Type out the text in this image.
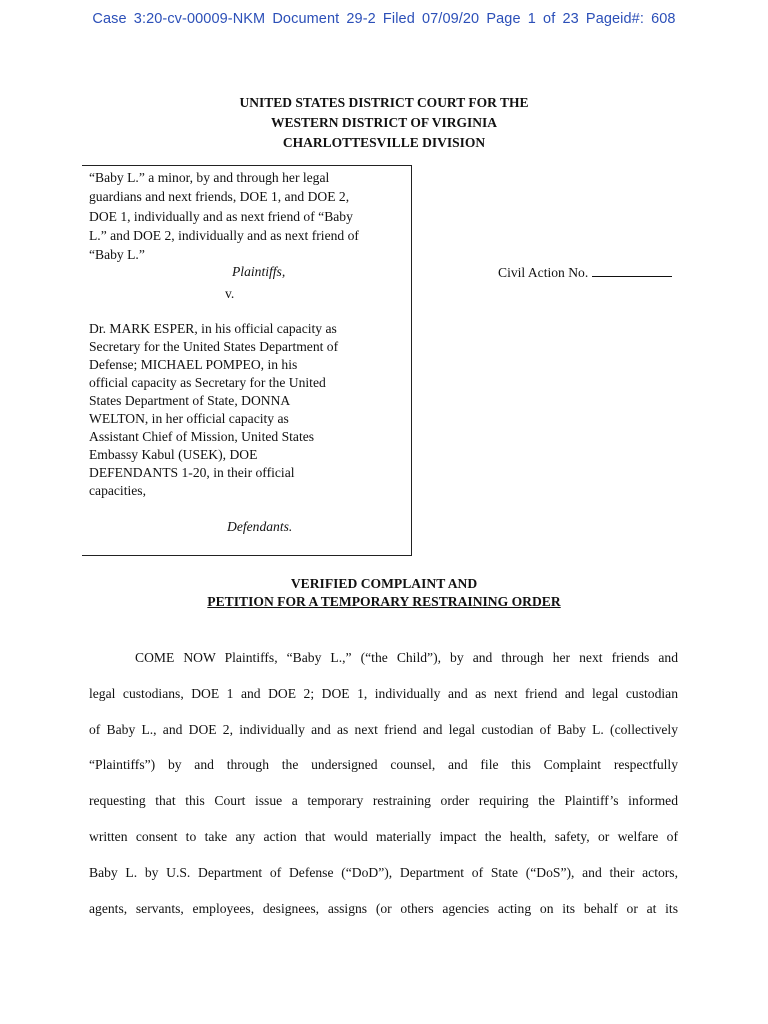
Case 3:20-cv-00009-NKM Document 29-2 Filed 07/09/20 Page 1 of 23 Pageid#: 608
UNITED STATES DISTRICT COURT FOR THE
WESTERN DISTRICT OF VIRGINIA
CHARLOTTESVILLE DIVISION
“Baby L.” a minor, by and through her legal
guardians and next friends, DOE 1, and DOE 2,
DOE 1, individually and as next friend of “Baby
L.” and DOE 2, individually and as next friend of
“Baby L.”
Plaintiffs,
v.
Dr. MARK ESPER, in his official capacity as
Secretary for the United States Department of
Defense; MICHAEL POMPEO, in his
official capacity as Secretary for the United
States Department of State, DONNA
WELTON, in her official capacity as
Assistant Chief of Mission, United States
Embassy Kabul (USEK), DOE
DEFENDANTS 1-20, in their official
capacities,
Defendants.
Civil Action No.
VERIFIED COMPLAINT AND
PETITION FOR A TEMPORARY RESTRAINING ORDER
COME NOW Plaintiffs, “Baby L.,” (“the Child”), by and through her next friends and
legal custodians, DOE 1 and DOE 2; DOE 1, individually and as next friend and legal custodian
of Baby L., and DOE 2, individually and as next friend and legal custodian of Baby L. (collectively
“Plaintiffs”) by and through the undersigned counsel, and file this Complaint respectfully
requesting that this Court issue a temporary restraining order requiring the Plaintiff’s informed
written consent to take any action that would materially impact the health, safety, or welfare of
Baby L. by U.S. Department of Defense (“DoD”), Department of State (“DoS”), and their actors,
agents, servants, employees, designees, assigns (or others agencies acting on its behalf or at its
